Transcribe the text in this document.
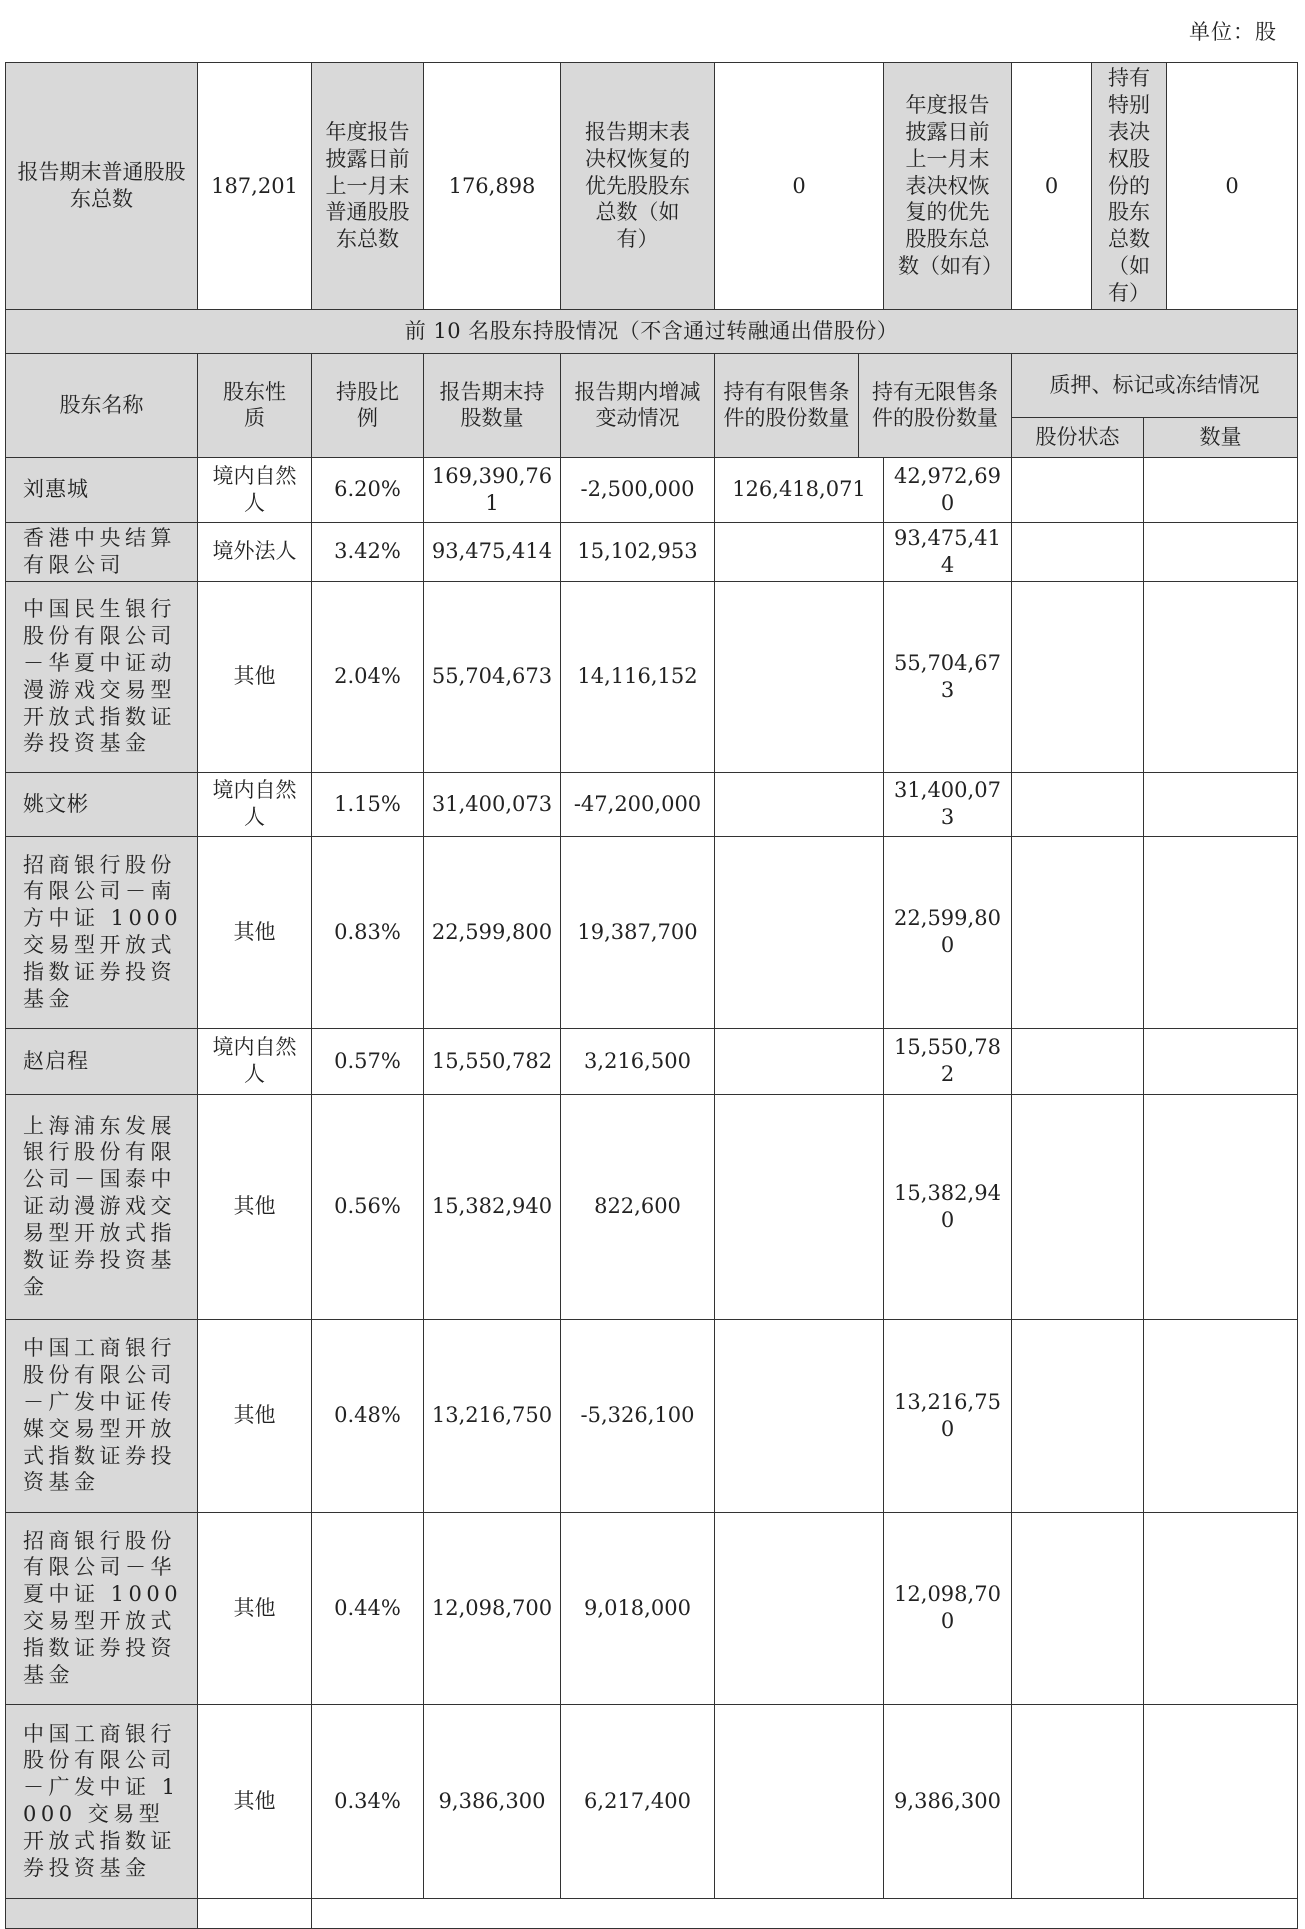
单位：股
报告期末普通股股东总数	187,201	年度报告披露日前上一月末普通股股东总数	176,898	报告期末表决权恢复的优先股股东总数（如有）	0		年度报告披露日前上一月末表决权恢复的优先股股东总数（如有）	0	持有特别表决权股份的股东总数（如有）		0
前 10 名股东持股情况（不含通过转融通出借股份）											
股东名称	股东性质	持股比例	报告期末持股数量	报告期内增减变动情况	持有有限售条件的股份数量	持有无限售条件的股份数量		质押、标记或冻结情况			
								股份状态		数量	
刘惠城	境内自然人	6.20%	169,390,761	-2,500,000	126,418,071		42,972,690				
香港中央结算有限公司	境外法人	3.42%	93,475,414	15,102,953			93,475,414				
中国民生银行股份有限公司－华夏中证动漫游戏交易型开放式指数证券投资基金	其他	2.04%	55,704,673	14,116,152			55,704,673				
姚文彬	境内自然人	1.15%	31,400,073	-47,200,000			31,400,073				
招商银行股份有限公司－南方中证 1000 交易型开放式指数证券投资基金	其他	0.83%	22,599,800	19,387,700			22,599,800				
赵启程	境内自然人	0.57%	15,550,782	3,216,500			15,550,782				
上海浦东发展银行股份有限公司－国泰中证动漫游戏交易型开放式指数证券投资基金	其他	0.56%	15,382,940	822,600			15,382,940				
中国工商银行股份有限公司－广发中证传媒交易型开放式指数证券投资基金	其他	0.48%	13,216,750	-5,326,100			13,216,750				
招商银行股份有限公司－华夏中证 1000 交易型开放式指数证券投资基金	其他	0.44%	12,098,700	9,018,000			12,098,700				
中国工商银行股份有限公司－广发中证 1000 交易型开放式指数证券投资基金	其他	0.34%	9,386,300	6,217,400			9,386,300				
